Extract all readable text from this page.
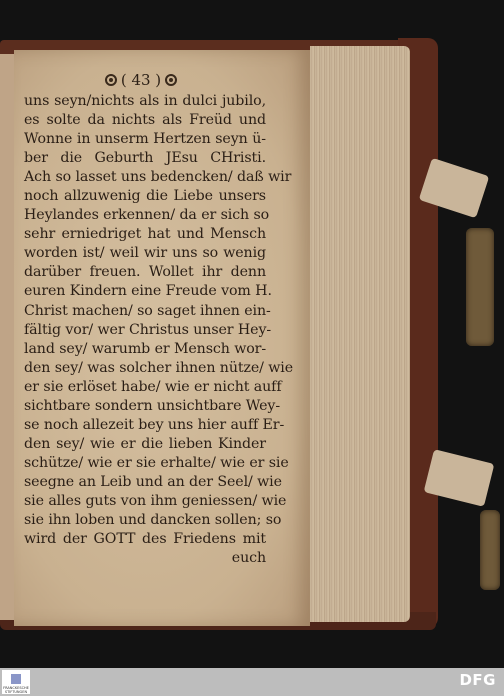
( 43 )
uns seyn/nichts als in dulci jubilo,
es solte da nichts als Freüd und
Wonne in unserm Hertzen seyn ü-
ber die Geburth JEsu CHristi.
Ach so lasset uns bedencken/ daß wir
noch allzuwenig die Liebe unsers
Heylandes erkennen/ da er sich so
sehr erniedriget hat und Mensch
worden ist/ weil wir uns so wenig
darüber freuen. Wollet ihr denn
euren Kindern eine Freude vom H.
Christ machen/ so saget ihnen ein-
fältig vor/ wer Christus unser Hey-
land sey/ warumb er Mensch wor-
den sey/ was solcher ihnen nütze/ wie
er sie erlöset habe/ wie er nicht auff
sichtbare sondern unsichtbare Wey-
se noch allezeit bey uns hier auff Er-
den sey/ wie er die lieben Kinder
schütze/ wie er sie erhalte/ wie er sie
seegne an Leib und an der Seel/ wie
sie alles guts von ihm geniessen/ wie
sie ihn loben und dancken sollen; so
wird der GOTT des Friedens mit
euch
FRANCKESCHE STIFTUNGEN
DFG
